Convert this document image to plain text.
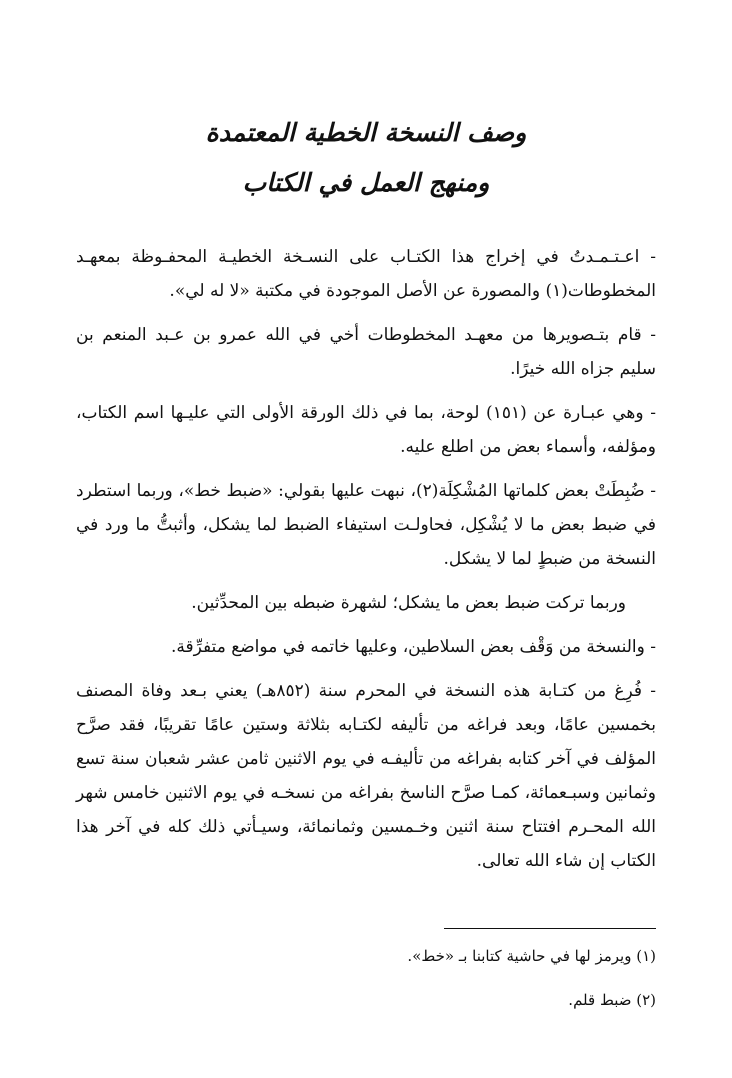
وصف النسخة الخطية المعتمدة
ومنهج العمل في الكتاب

- اعـتـمـدتُ في إخراج هذا الكتـاب على النسـخة الخطيـة المحفـوظة بمعهـد المخطوطات(١) والمصورة عن الأصل الموجودة في مكتبة «لا له لي».

- قام بتـصويرها من معهـد المخطوطات أخي في الله عمرو بن عـبد المنعم بن سليم جزاه الله خيرًا.

- وهي عبـارة عن (١٥١) لوحة، بما في ذلك الورقة الأولى التي عليـها اسم الكتاب، ومؤلفه، وأسماء بعض من اطلع عليه.

- ضُبِطَتْ بعض كلماتها المُشْكِلَة(٢)، نبهت عليها بقولي: «ضبط خط»، وربما استطرد في ضبط بعض ما لا يُشْكِل، فحاولـت استيفاء الضبط لما يشكل، وأثبتُّ ما ورد في النسخة من ضبطٍ لما لا يشكل.

وربما تركت ضبط بعض ما يشكل؛ لشهرة ضبطه بين المحدِّثين.

- والنسخة من وَقْف بعض السلاطين، وعليها خاتمه في مواضع متفرِّقة.

- فُرِغ من كتـابة هذه النسخة في المحرم سنة (٨٥٢هـ) يعني بـعد وفاة المصنف بخمسين عامًا، وبعد فراغه من تأليفه لكتـابه بثلاثة وستين عامًا تقريبًا، فقد صرَّح المؤلف في آخر كتابه بفراغه من تأليفـه في يوم الاثنين ثامن عشر شعبان سنة تسع وثمانين وسبـعمائة، كمـا صرَّح الناسخ بفراغه من نسخـه في يوم الاثنين خامس شهر الله المحـرم افتتاح سنة اثنين وخـمسين وثمانمائة، وسيـأتي ذلك كله في آخر هذا الكتاب إن شاء الله تعالى.

(١) ويرمز لها في حاشية كتابنا بـ «خط».

(٢) ضبط قلم.
